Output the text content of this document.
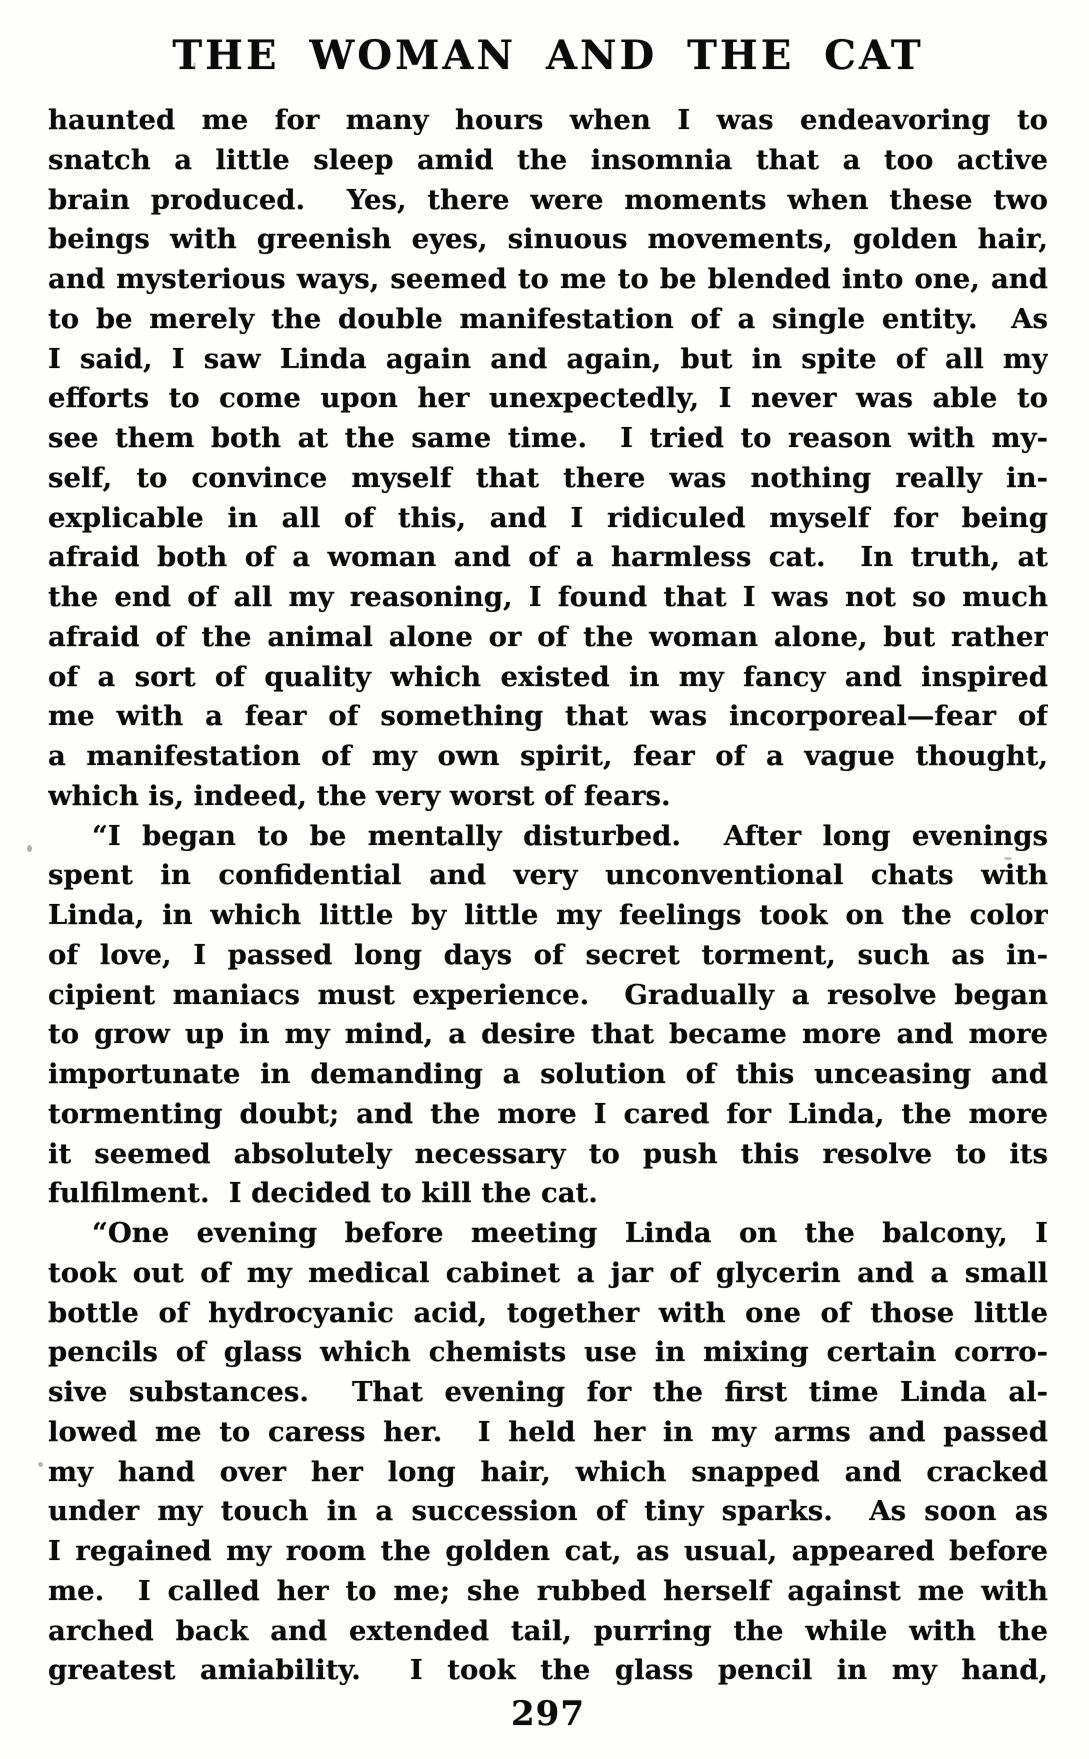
THE WOMAN AND THE CAT
haunted me for many hours when I was endeavoring to
snatch a little sleep amid the insomnia that a too active
brain produced.  Yes, there were moments when these two
beings with greenish eyes, sinuous movements, golden hair,
and mysterious ways, seemed to me to be blended into one, and
to be merely the double manifestation of a single entity.  As
I said, I saw Linda again and again, but in spite of all my
efforts to come upon her unexpectedly, I never was able to
see them both at the same time.  I tried to reason with my-
self, to convince myself that there was nothing really in-
explicable in all of this, and I ridiculed myself for being
afraid both of a woman and of a harmless cat.  In truth, at
the end of all my reasoning, I found that I was not so much
afraid of the animal alone or of the woman alone, but rather
of a sort of quality which existed in my fancy and inspired
me with a fear of something that was incorporeal—fear of
a manifestation of my own spirit, fear of a vague thought,
which is, indeed, the very worst of fears.
“I began to be mentally disturbed.  After long evenings
spent in confidential and very unconventional chats with
Linda, in which little by little my feelings took on the color
of love, I passed long days of secret torment, such as in-
cipient maniacs must experience.  Gradually a resolve began
to grow up in my mind, a desire that became more and more
importunate in demanding a solution of this unceasing and
tormenting doubt; and the more I cared for Linda, the more
it seemed absolutely necessary to push this resolve to its
fulfilment.  I decided to kill the cat.
“One evening before meeting Linda on the balcony, I
took out of my medical cabinet a jar of glycerin and a small
bottle of hydrocyanic acid, together with one of those little
pencils of glass which chemists use in mixing certain corro-
sive substances.  That evening for the first time Linda al-
lowed me to caress her.  I held her in my arms and passed
my hand over her long hair, which snapped and cracked
under my touch in a succession of tiny sparks.  As soon as
I regained my room the golden cat, as usual, appeared before
me.  I called her to me; she rubbed herself against me with
arched back and extended tail, purring the while with the
greatest amiability.  I took the glass pencil in my hand,
297
